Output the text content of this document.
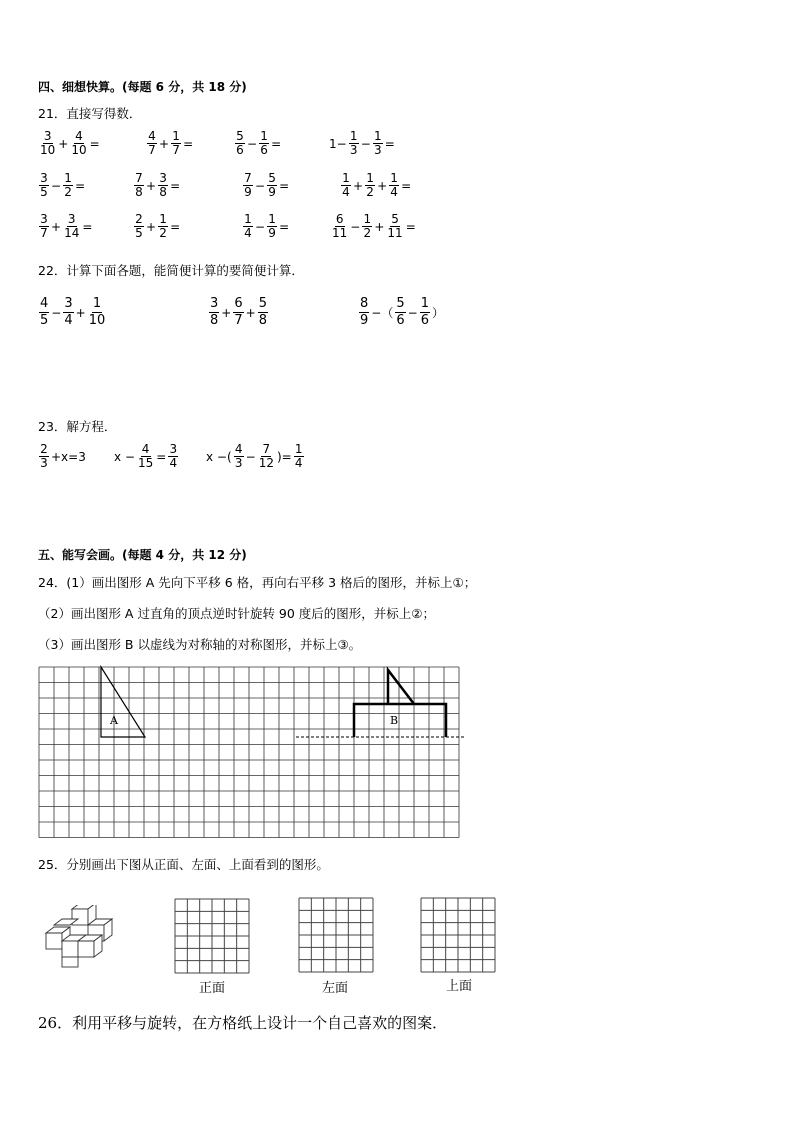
四、细想快算。(每题 6 分，共 18 分)
21．直接写得数．
$\frac{3}{10} + \frac{4}{10}$ =	$\frac{4}{7} + \frac{1}{7}$ =	$\frac{5}{6} - \frac{1}{6}$ =	$1- \frac{1}{3} - \frac{1}{3}$ =
$\frac{3}{5} - \frac{1}{2}$ =	$\frac{7}{8} + \frac{3}{8}$ =	$\frac{7}{9} - \frac{5}{9}$ =	$\frac{1}{4} + \frac{1}{2} + \frac{1}{4}$ =
$\frac{3}{7} + \frac{3}{14}$ =	$\frac{2}{5} + \frac{1}{2}$ =	$\frac{1}{4} - \frac{1}{9}$ =	$\frac{6}{11} - \frac{1}{2} + \frac{5}{11}$ =
22．计算下面各题，能简便计算的要简便计算．
$\frac{4}{5} - \frac{3}{4} + \frac{1}{10}$	$\frac{3}{8} + \frac{6}{7} + \frac{5}{8}$	$\frac{8}{9}$ −（ $\frac{5}{6} - \frac{1}{6}$ ）
23．解方程．
$\frac{2}{3} +x=3$ $x - \frac{4}{15} = \frac{3}{4}$ x −( $\frac{4}{3} - \frac{7}{12}$ )= $\frac{1}{4}$
五、能写会画。(每题 4 分，共 12 分)
24．(1）画出图形 A 先向下平移 6 格，再向右平移 3 格后的图形，并标上①；
（2）画出图形 A 过直角的顶点逆时针旋转 90 度后的图形，并标上②；
（3）画出图形 B 以虚线为对称轴的对称图形，并标上③。
A	B
25．分别画出下图从正面、左面、上面看到的图形。
正面	左面	上面
26．利用平移与旋转，在方格纸上设计一个自己喜欢的图案．
